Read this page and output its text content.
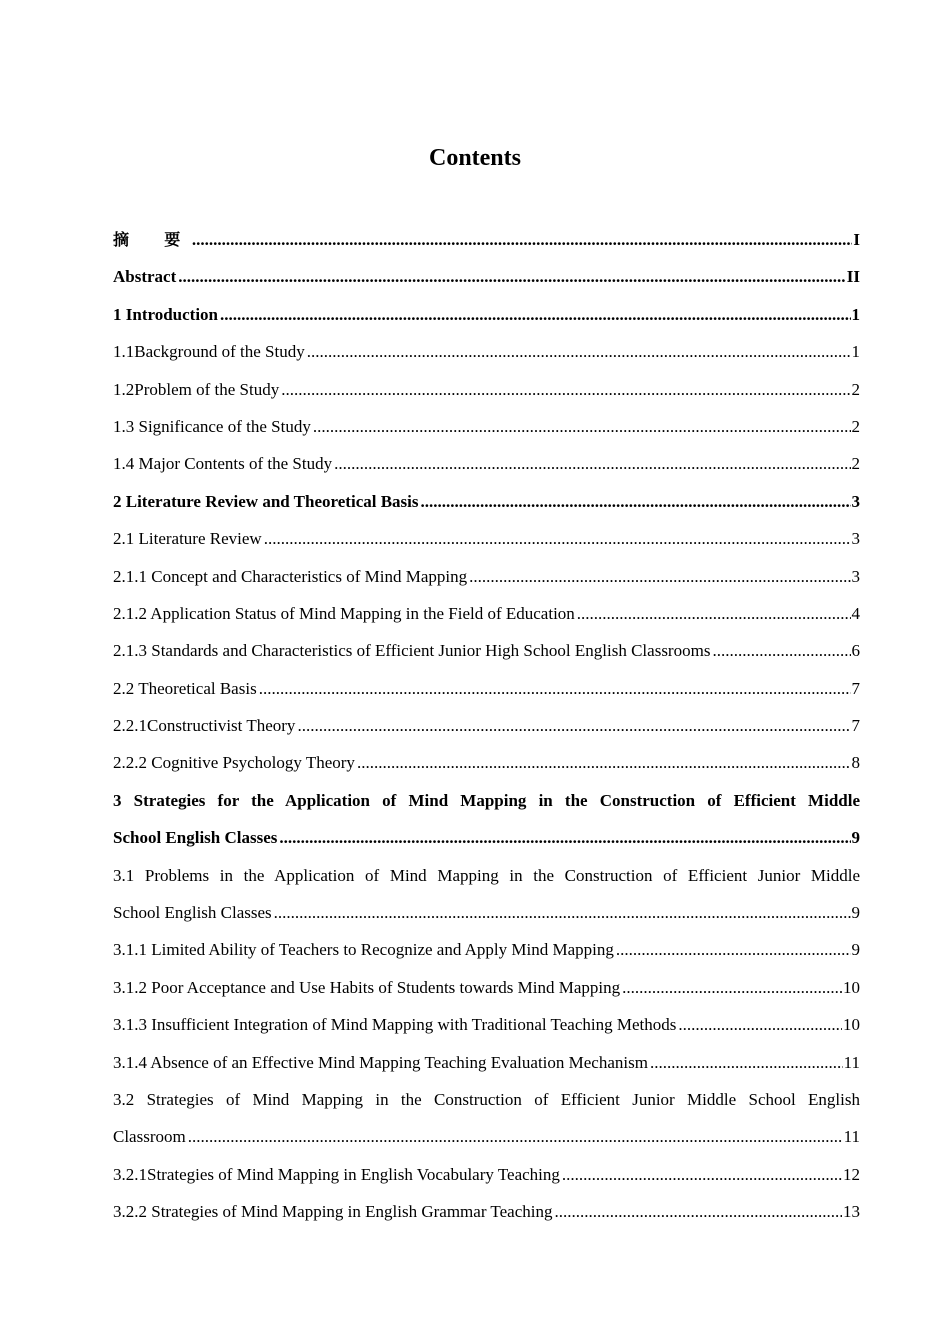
Contents
摘　要 .....	I
Abstract .....	II
1 Introduction .....	1
1.1Background of the Study .....	1
1.2Problem of the Study .....	2
1.3 Significance of the Study .....	2
1.4 Major Contents of the Study .....	2
2 Literature Review and Theoretical Basis .....	3
2.1 Literature Review .....	3
2.1.1 Concept and Characteristics of Mind Mapping .....	3
2.1.2 Application Status of Mind Mapping in the Field of Education .....	4
2.1.3 Standards and Characteristics of Efficient Junior High School English Classrooms .....	6
2.2 Theoretical Basis .....	7
2.2.1Constructivist Theory .....	7
2.2.2 Cognitive Psychology Theory .....	8
3 Strategies for the Application of Mind Mapping in the Construction of Efficient Middle
School English Classes .....	9
3.1 Problems in the Application of Mind Mapping in the Construction of Efficient Junior Middle
School English Classes .....	9
3.1.1 Limited Ability of Teachers to Recognize and Apply Mind Mapping .....	9
3.1.2 Poor Acceptance and Use Habits of Students towards Mind Mapping .....	10
3.1.3 Insufficient Integration of Mind Mapping with Traditional Teaching Methods .....	10
3.1.4 Absence of an Effective Mind Mapping Teaching Evaluation Mechanism .....	11
3.2 Strategies of Mind Mapping in the Construction of Efficient Junior Middle School English
Classroom .....	11
3.2.1Strategies of Mind Mapping in English Vocabulary Teaching .....	12
3.2.2 Strategies of Mind Mapping in English Grammar Teaching .....	13
